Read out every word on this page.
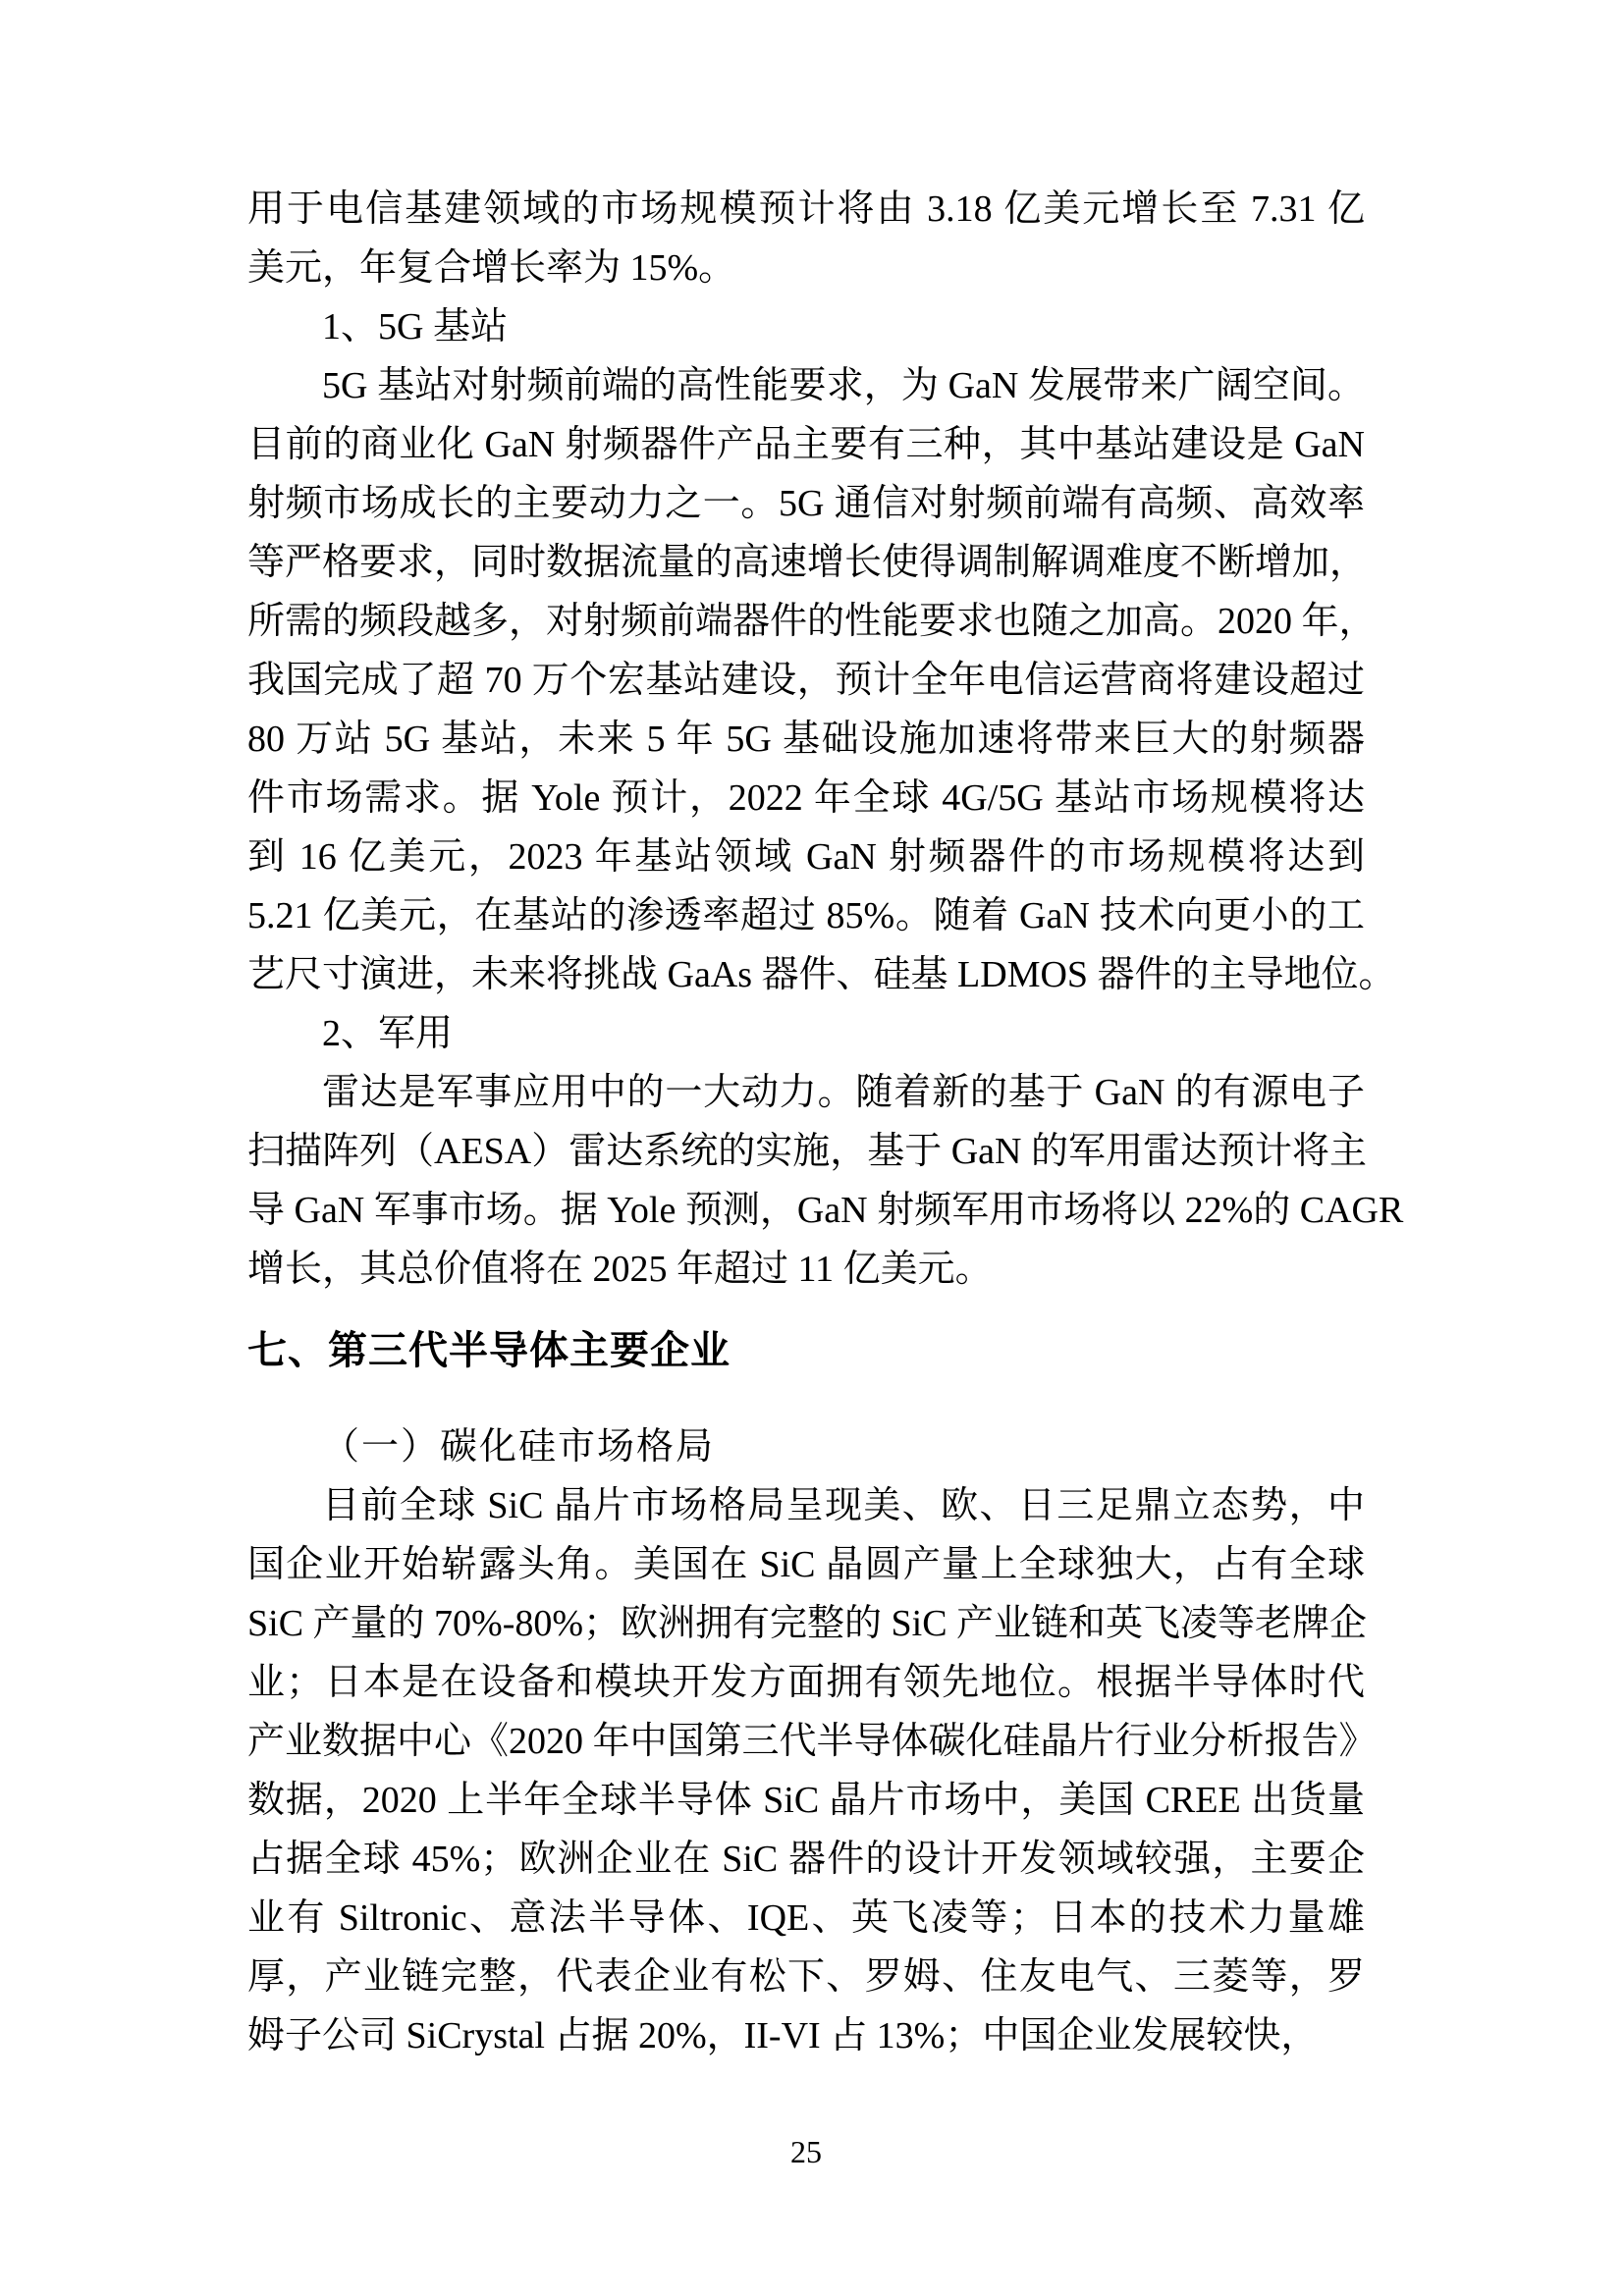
用于电信基建领域的市场规模预计将由 3.18 亿美元增长至 7.31 亿
美元，年复合增长率为 15%。
1、5G 基站
5G 基站对射频前端的高性能要求，为 GaN 发展带来广阔空间。
目前的商业化 GaN 射频器件产品主要有三种，其中基站建设是 GaN
射频市场成长的主要动力之一。5G 通信对射频前端有高频、高效率
等严格要求，同时数据流量的高速增长使得调制解调难度不断增加，
所需的频段越多，对射频前端器件的性能要求也随之加高。2020 年，
我国完成了超 70 万个宏基站建设，预计全年电信运营商将建设超过
80 万站 5G 基站，未来 5 年 5G 基础设施加速将带来巨大的射频器
件市场需求。据 Yole 预计，2022 年全球 4G/5G 基站市场规模将达
到 16 亿美元，2023 年基站领域 GaN 射频器件的市场规模将达到
5.21 亿美元，在基站的渗透率超过 85%。随着 GaN 技术向更小的工
艺尺寸演进，未来将挑战 GaAs 器件、硅基 LDMOS 器件的主导地位。
2、军用
雷达是军事应用中的一大动力。随着新的基于 GaN 的有源电子
扫描阵列（AESA）雷达系统的实施，基于 GaN 的军用雷达预计将主
导 GaN 军事市场。据 Yole 预测，GaN 射频军用市场将以 22%的 CAGR
增长，其总价值将在 2025 年超过 11 亿美元。
七、第三代半导体主要企业
（一）碳化硅市场格局
目前全球 SiC 晶片市场格局呈现美、欧、日三足鼎立态势，中
国企业开始崭露头角。美国在 SiC 晶圆产量上全球独大，占有全球
SiC 产量的 70%-80%；欧洲拥有完整的 SiC 产业链和英飞凌等老牌企
业；日本是在设备和模块开发方面拥有领先地位。根据半导体时代
产业数据中心《2020 年中国第三代半导体碳化硅晶片行业分析报告》
数据，2020 上半年全球半导体 SiC 晶片市场中，美国 CREE 出货量
占据全球 45%；欧洲企业在 SiC 器件的设计开发领域较强，主要企
业有 Siltronic、意法半导体、IQE、英飞凌等；日本的技术力量雄
厚，产业链完整，代表企业有松下、罗姆、住友电气、三菱等，罗
姆子公司 SiCrystal 占据 20%，II-VI 占 13%；中国企业发展较快，
25
